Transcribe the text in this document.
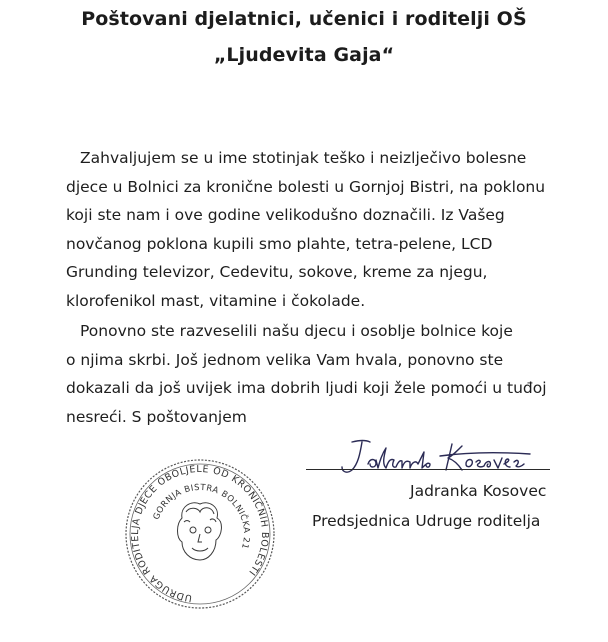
Poštovani djelatnici, učenici i roditelji OŠ
„Ljudevita Gaja“
Zahvaljujem se u ime stotinjak teško i neizlječivo bolesne
djece u Bolnici za kronične bolesti u Gornjoj Bistri, na poklonu
koji ste nam i ove godine velikodušno doznačili. Iz Vašeg
novčanog poklona kupili smo plahte, tetra-pelene, LCD
Grunding televizor, Cedevitu, sokove, kreme za njegu,
klorofenikol mast, vitamine i čokolade.
Ponovno ste razveselili našu djecu i osoblje bolnice koje
o njima skrbi. Još jednom velika Vam hvala, ponovno ste
dokazali da još uvijek ima dobrih ljudi koji žele pomoći u tuđoj
nesreći. S poštovanjem
Jadranka Kosovec
Predsjednica Udruge roditelja
UDRUGA RODITELJA DJECE OBOLJELE OD KRONIČNIH BOLESTI
GORNJA BISTRA BOLNIČKA 21
